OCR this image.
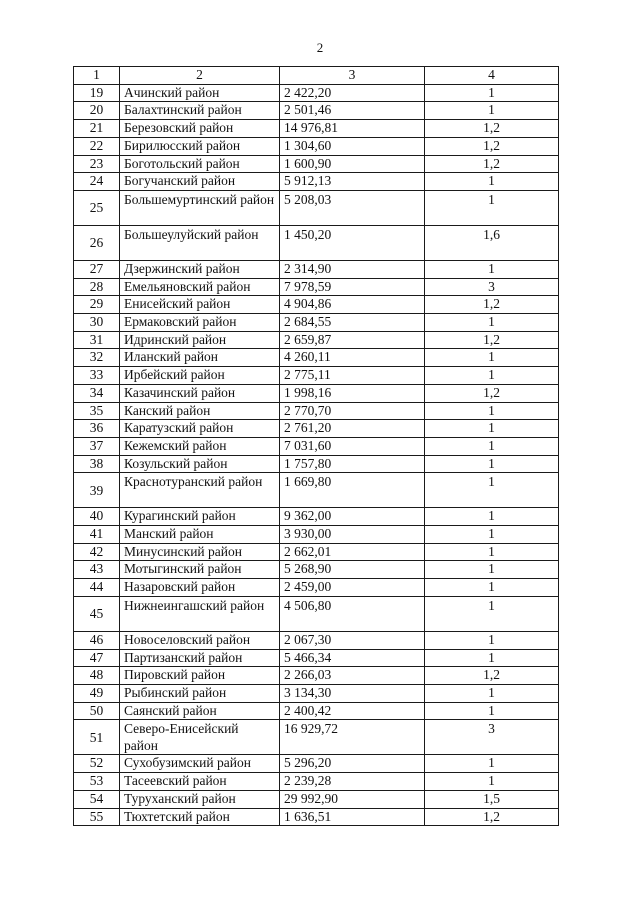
2
1	2	3	4
19	Ачинский район	2 422,20	1
20	Балахтинский район	2 501,46	1
21	Березовский район	14 976,81	1,2
22	Бирилюсский район	1 304,60	1,2
23	Боготольский район	1 600,90	1,2
24	Богучанский район	5 912,13	1
25	Большемуртинский район	5 208,03	1
26	Большеулуйский район	1 450,20	1,6
27	Дзержинский район	2 314,90	1
28	Емельяновский район	7 978,59	3
29	Енисейский район	4 904,86	1,2
30	Ермаковский район	2 684,55	1
31	Идринский район	2 659,87	1,2
32	Иланский район	4 260,11	1
33	Ирбейский район	2 775,11	1
34	Казачинский район	1 998,16	1,2
35	Канский район	2 770,70	1
36	Каратузский район	2 761,20	1
37	Кежемский район	7 031,60	1
38	Козульский район	1 757,80	1
39	Краснотуранский район	1 669,80	1
40	Курагинский район	9 362,00	1
41	Манский район	3 930,00	1
42	Минусинский район	2 662,01	1
43	Мотыгинский район	5 268,90	1
44	Назаровский район	2 459,00	1
45	Нижнеингашский район	4 506,80	1
46	Новоселовский район	2 067,30	1
47	Партизанский район	5 466,34	1
48	Пировский район	2 266,03	1,2
49	Рыбинский район	3 134,30	1
50	Саянский район	2 400,42	1
51	Северо-Енисейский район	16 929,72	3
52	Сухобузимский район	5 296,20	1
53	Тасеевский район	2 239,28	1
54	Туруханский район	29 992,90	1,5
55	Тюхтетский район	1 636,51	1,2
